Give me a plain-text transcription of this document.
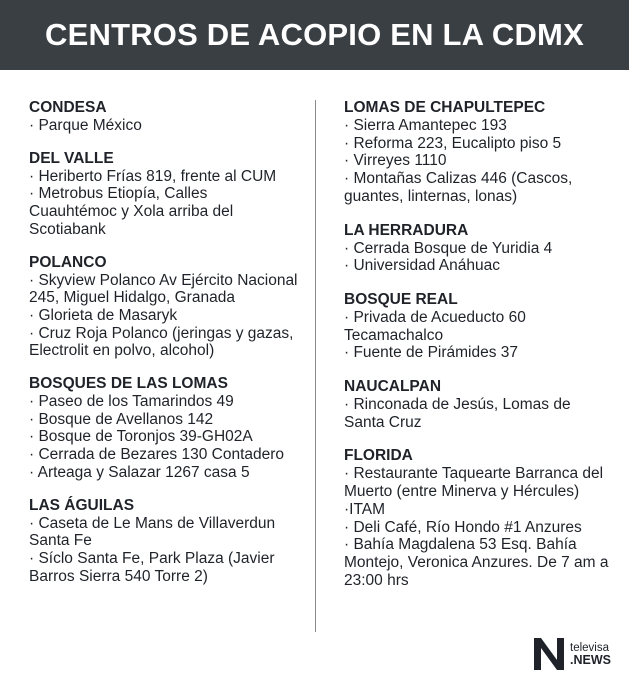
CENTROS DE ACOPIO EN LA CDMX
CONDESA
· Parque México
DEL VALLE
· Heriberto Frías 819, frente al CUM
· Metrobus Etiopía, Calles Cuauhtémoc y Xola arriba del Scotiabank
POLANCO
· Skyview Polanco Av Ejército Nacional 245, Miguel Hidalgo, Granada
· Glorieta de Masaryk
· Cruz Roja Polanco (jeringas y gazas, Electrolit en polvo, alcohol)
BOSQUES DE LAS LOMAS
· Paseo de los Tamarindos 49
· Bosque de Avellanos 142
· Bosque de Toronjos 39-GH02A
· Cerrada de Bezares 130 Contadero
· Arteaga y Salazar 1267 casa 5
LAS ÁGUILAS
· Caseta de Le Mans de Villaverdun Santa Fe
· Síclo Santa Fe, Park Plaza (Javier Barros Sierra 540 Torre 2)
LOMAS DE CHAPULTEPEC
· Sierra Amantepec 193
· Reforma 223, Eucalipto piso 5
· Virreyes 1110
· Montañas Calizas 446 (Cascos, guantes, linternas, lonas)
LA HERRADURA
· Cerrada Bosque de Yuridia 4
· Universidad Anáhuac
BOSQUE REAL
· Privada de Acueducto 60 Tecamachalco
· Fuente de Pirámides 37
NAUCALPAN
· Rinconada de Jesús, Lomas de Santa Cruz
FLORIDA
· Restaurante Taquearte Barranca del Muerto (entre Minerva y Hércules)
·ITAM
· Deli Café, Río Hondo #1 Anzures
· Bahía Magdalena 53 Esq. Bahía Montejo, Veronica Anzures. De 7 am a 23:00 hrs
televisa
.NEWS
